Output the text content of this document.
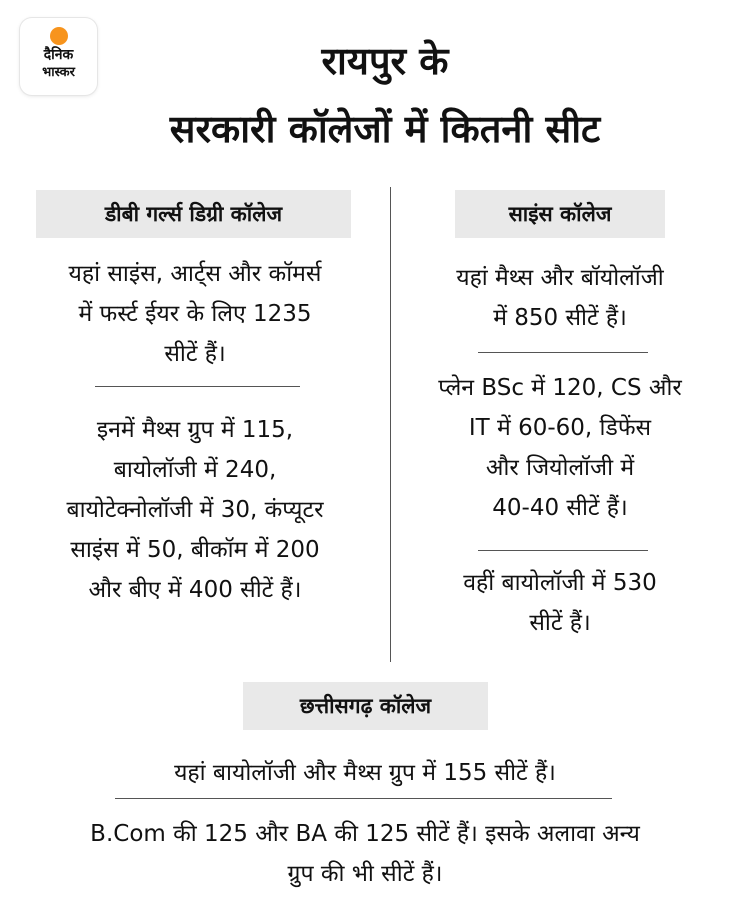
दैनिक
भास्कर	रायपुर के
सरकारी कॉलेजों में कितनी सीट
डीबी गर्ल्स डिग्री कॉलेज
यहां साइंस, आर्ट्स और कॉमर्स
में फर्स्ट ईयर के लिए 1235
सीटें हैं।
इनमें मैथ्स ग्रुप में 115,
बायोलॉजी में 240,
बायोटेक्नोलॉजी में 30, कंप्यूटर
साइंस में 50, बीकॉम में 200
और बीए में 400 सीटें हैं।
साइंस कॉलेज
यहां मैथ्स और बॉयोलॉजी
में 850 सीटें हैं।
प्लेन BSc में 120, CS और
IT में 60-60, डिफेंस
और जियोलॉजी में
40-40 सीटें हैं।
वहीं बायोलॉजी में 530
सीटें हैं।
छत्तीसगढ़ कॉलेज
यहां बायोलॉजी और मैथ्स ग्रुप में 155 सीटें हैं।
B.Com की 125 और BA की 125 सीटें हैं। इसके अलावा अन्य
ग्रुप की भी सीटें हैं।
